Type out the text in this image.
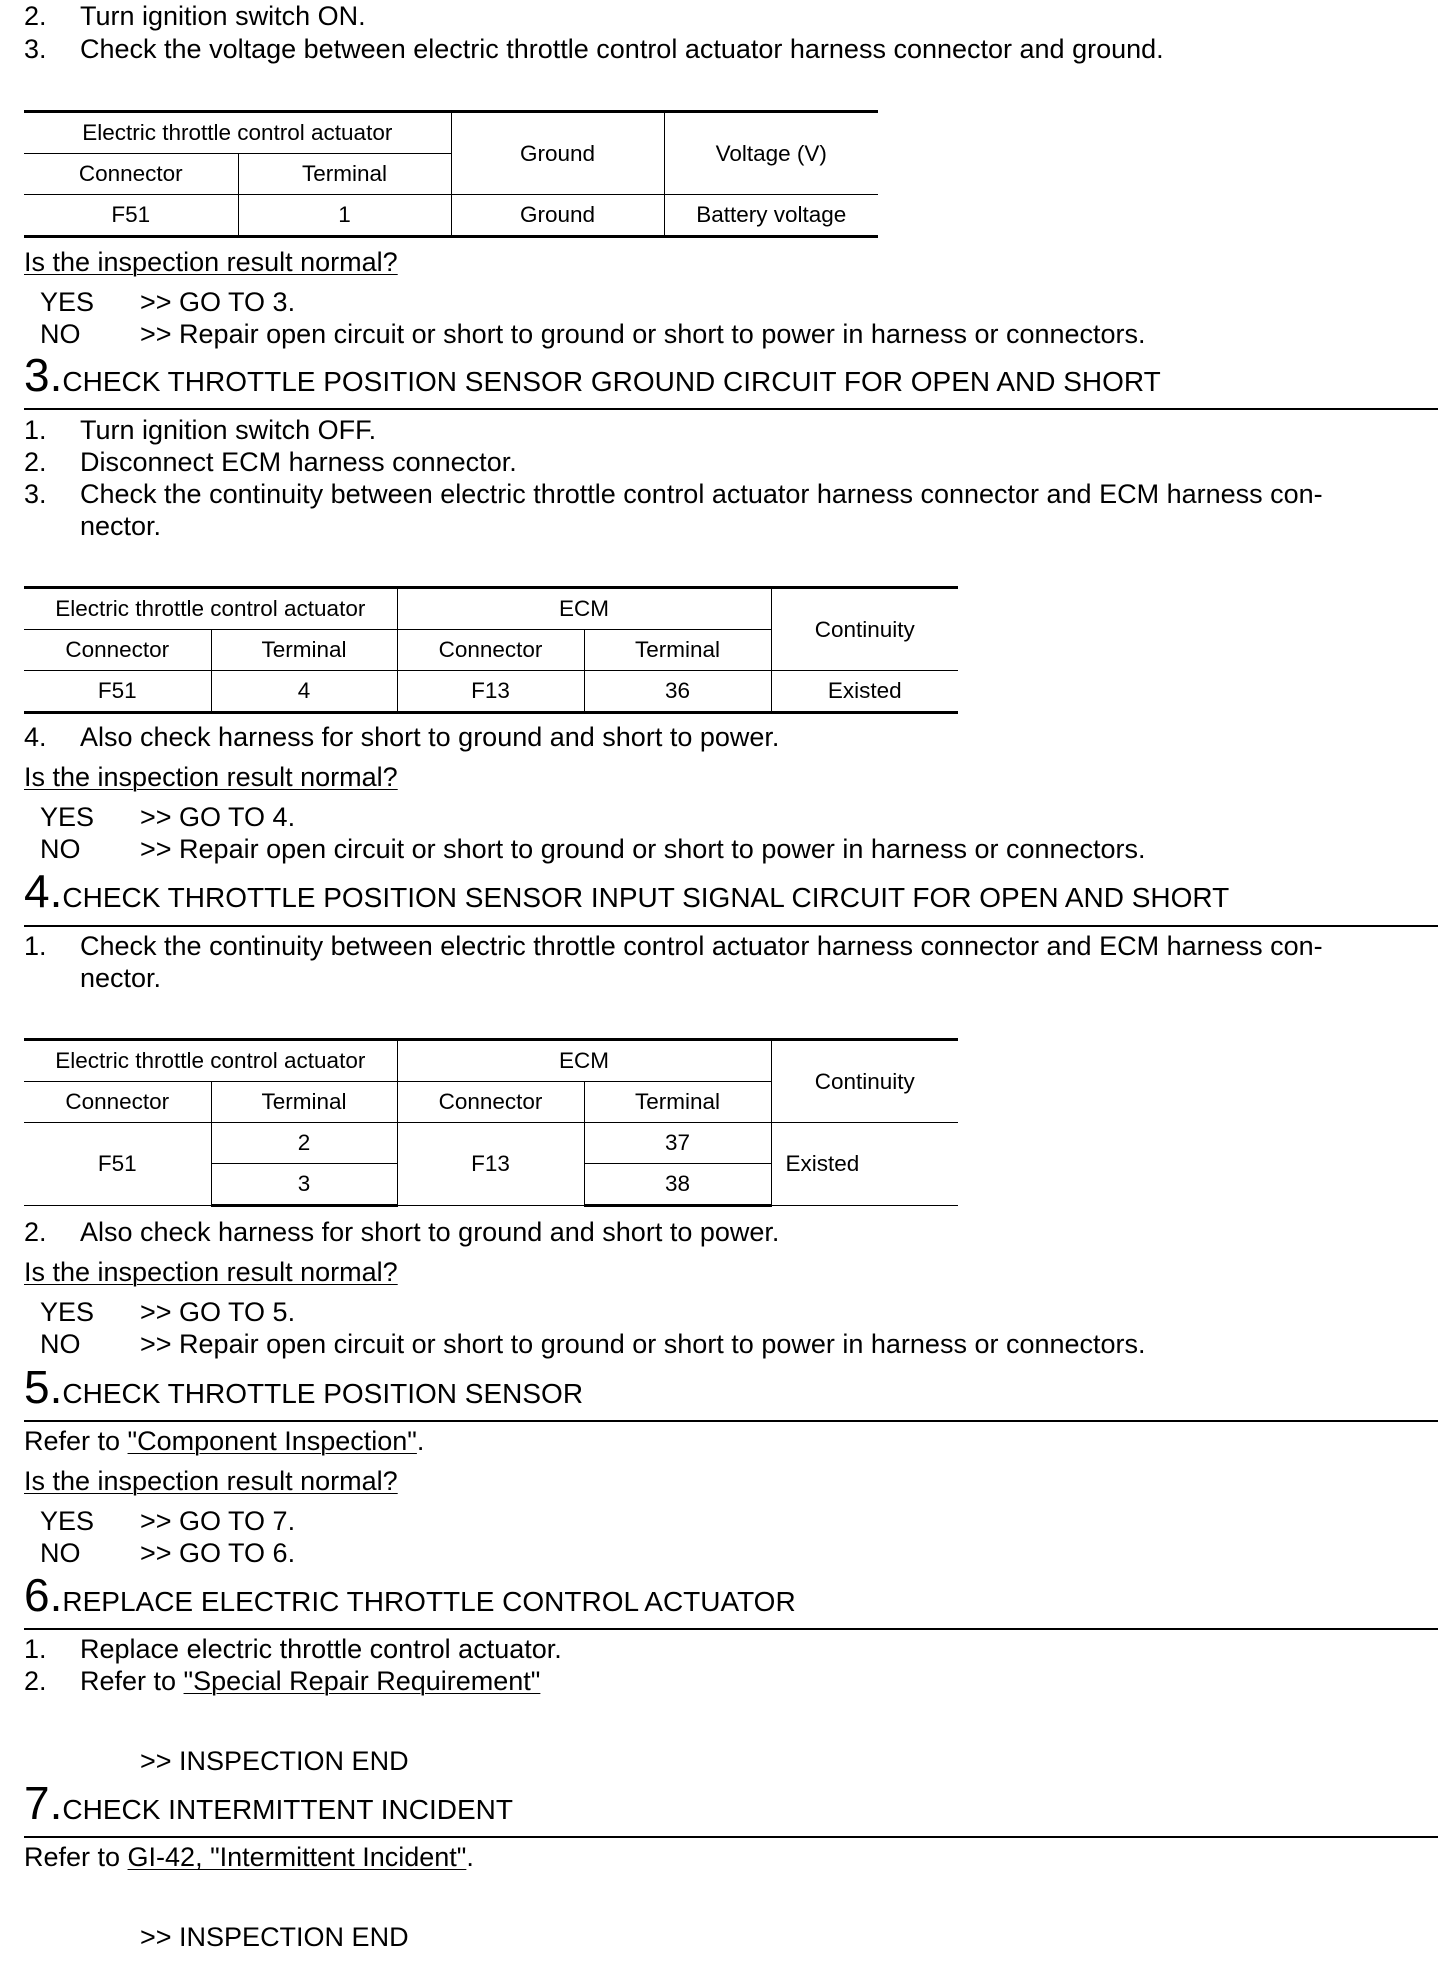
2. Turn ignition switch ON.
3. Check the voltage between electric throttle control actuator harness connector and ground.
Electric throttle control actuator		Ground	Voltage (V)
Connector	Terminal		
F51	1	Ground	Battery voltage
Is the inspection result normal?
YES >> GO TO 3.
NO >> Repair open circuit or short to ground or short to power in harness or connectors.
3.CHECK THROTTLE POSITION SENSOR GROUND CIRCUIT FOR OPEN AND SHORT
1. Turn ignition switch OFF.
2. Disconnect ECM harness connector.
3. Check the continuity between electric throttle control actuator harness connector and ECM harness con-
nector.
Electric throttle control actuator		ECM		Continuity
Connector	Terminal	Connector	Terminal	
F51	4	F13	36	Existed
4. Also check harness for short to ground and short to power.
Is the inspection result normal?
YES >> GO TO 4.
NO >> Repair open circuit or short to ground or short to power in harness or connectors.
4.CHECK THROTTLE POSITION SENSOR INPUT SIGNAL CIRCUIT FOR OPEN AND SHORT
1. Check the continuity between electric throttle control actuator harness connector and ECM harness con-
nector.
Electric throttle control actuator		ECM		Continuity
Connector	Terminal	Connector	Terminal	
F51	2	F13	37	Existed
	3		38	
2. Also check harness for short to ground and short to power.
Is the inspection result normal?
YES >> GO TO 5.
NO >> Repair open circuit or short to ground or short to power in harness or connectors.
5.CHECK THROTTLE POSITION SENSOR
Refer to "Component Inspection".
Is the inspection result normal?
YES >> GO TO 7.
NO >> GO TO 6.
6.REPLACE ELECTRIC THROTTLE CONTROL ACTUATOR
1. Replace electric throttle control actuator.
2. Refer to "Special Repair Requirement"
>> INSPECTION END
7.CHECK INTERMITTENT INCIDENT
Refer to GI-42, "Intermittent Incident".
>> INSPECTION END
